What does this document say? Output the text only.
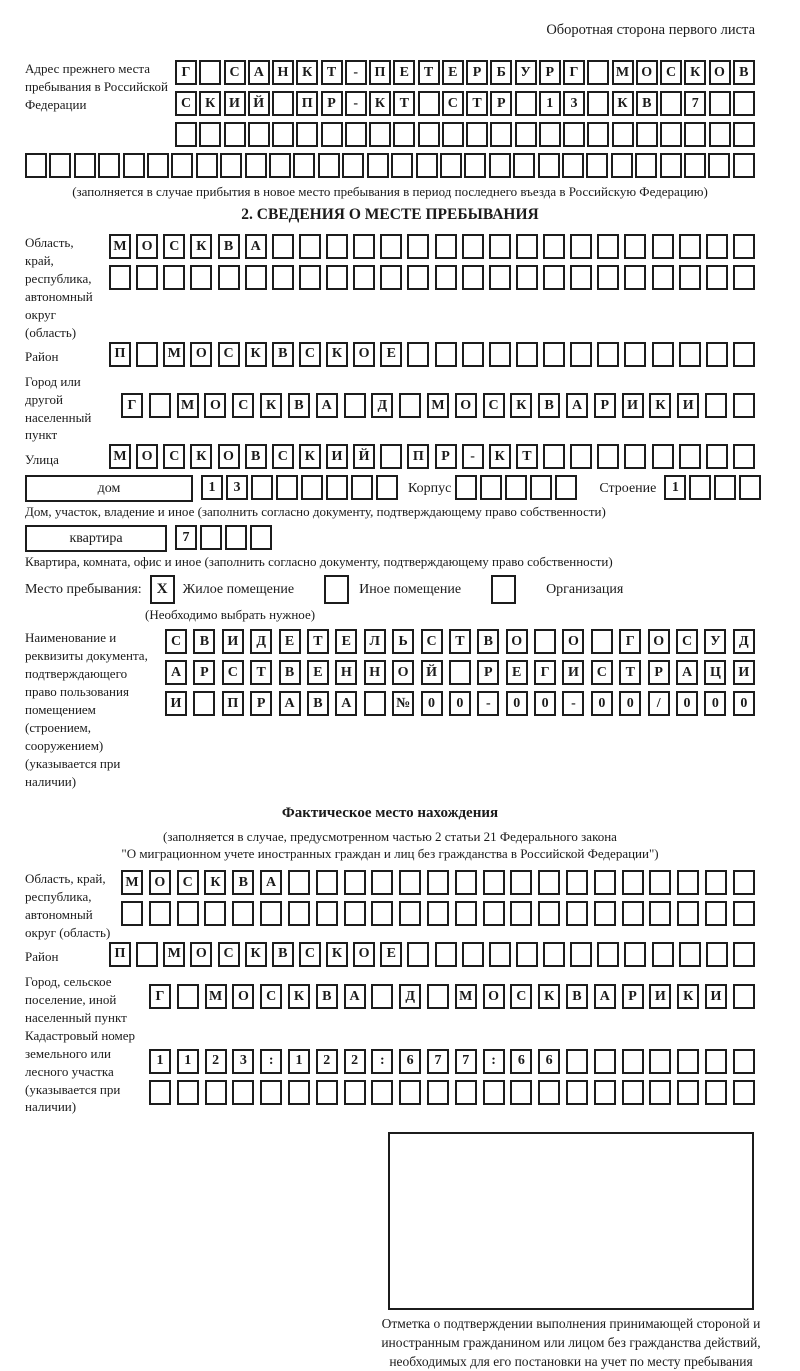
Оборотная сторона первого листа

Адрес прежнего места пребывания в Российской Федерации
Г	С	А Н К	Т	-	П	Е	Т	Е	Р	Б	У	Р	Г	М О С	К О	В
С	К И Й	П	Р	-	К	Т	С	Т	Р	1	3	К	В	7

(заполняется в случае прибытия в новое место пребывания в период последнего въезда в Российскую Федерацию)

2. СВЕДЕНИЯ О МЕСТЕ ПРЕБЫВАНИЯ
Область, край, республика, автономный округ (область)
М	О	С	К	В	А
Район	П	М	О	С	К	В	С	К	О	Е
Город или другой населенный пункт
Г	М	О	С	К	В	А	Д	М	О	С	К	В	А	Р	И	К	И
Улица	М	О	С	К	О	В	С	К	И	Й	П	Р	-	К	Т
дом	1	3	Корпус	Строение	1

Дом, участок, владение и иное (заполнить согласно документу, подтверждающему право собственности)

квартира	7

Квартира, комната, офис и иное (заполнить согласно документу, подтверждающему право собственности)

Место пребывания:	X	Жилое помещение	Иное помещение	Организация

(Необходимо выбрать нужное)

Наименование и реквизиты документа, подтверждающего право пользования помещением (строением, сооружением) (указывается при наличии)
С	В	И	Д	Е	Т	Е	Л	Ь	С	Т	В	О	О	Г	О	С	У	Д
А	Р	С	Т	В	Е	Н	Н	О	Й	Р	Е	Г	И	С	Т	Р	А	Ц	И
И	П	Р	А	В	А	№	0	0	-	0	0	-	0	0	/	0	0	0
Фактическое место нахождения

(заполняется в случае, предусмотренном частью 2 статьи 21 Федерального закона

"О миграционном учете иностранных граждан и лиц без гражданства в Российской Федерации")

Область, край, республика, автономный округ (область)
М	О	С	К	В	А
Район	П	М	О	С	К	В	С	К	О	Е
Город, сельское поселение, иной населенный пункт
Г	М	О	С	К	В	А	Д	М	О	С	К	В	А	Р	И	К	И
Кадастровый номер земельного или лесного участка (указывается при наличии)
1	1	2	3	:	1	2	2	:	6	7	7	:	6	6

Отметка о подтверждении выполнения принимающей стороной и иностранным гражданином или лицом без гражданства действий, необходимых для его постановки на учет по месту пребывания
